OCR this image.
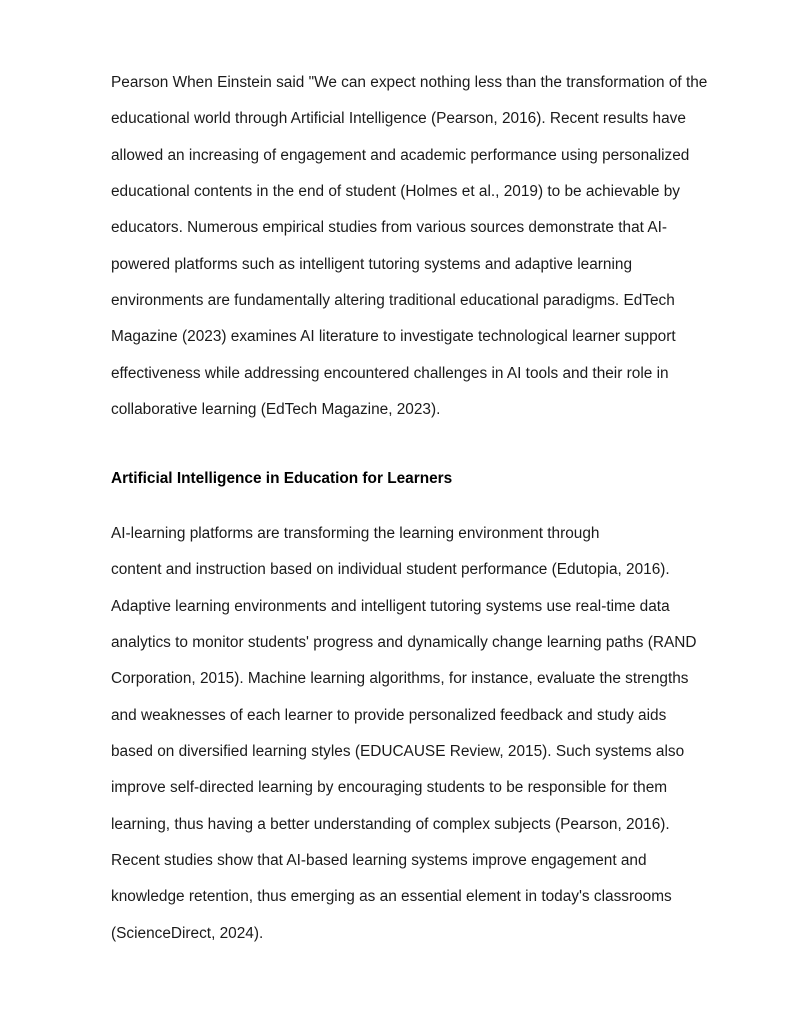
Pearson When Einstein said "We can expect nothing less than the transformation of the
educational world through Artificial Intelligence (Pearson, 2016). Recent results have
allowed an increasing of engagement and academic performance using personalized
educational contents in the end of student (Holmes et al., 2019) to be achievable by
educators. Numerous empirical studies from various sources demonstrate that AI-
powered platforms such as intelligent tutoring systems and adaptive learning
environments are fundamentally altering traditional educational paradigms. EdTech
Magazine (2023) examines AI literature to investigate technological learner support
effectiveness while addressing encountered challenges in AI tools and their role in
collaborative learning (EdTech Magazine, 2023).
Artificial Intelligence in Education for Learners
AI-learning platforms are transforming the learning environment through
content and instruction based on individual student performance (Edutopia, 2016).
Adaptive learning environments and intelligent tutoring systems use real-time data
analytics to monitor students' progress and dynamically change learning paths (RAND
Corporation, 2015). Machine learning algorithms, for instance, evaluate the strengths
and weaknesses of each learner to provide personalized feedback and study aids
based on diversified learning styles (EDUCAUSE Review, 2015). Such systems also
improve self-directed learning by encouraging students to be responsible for them
learning, thus having a better understanding of complex subjects (Pearson, 2016).
Recent studies show that AI-based learning systems improve engagement and
knowledge retention, thus emerging as an essential element in today's classrooms
(ScienceDirect, 2024).
